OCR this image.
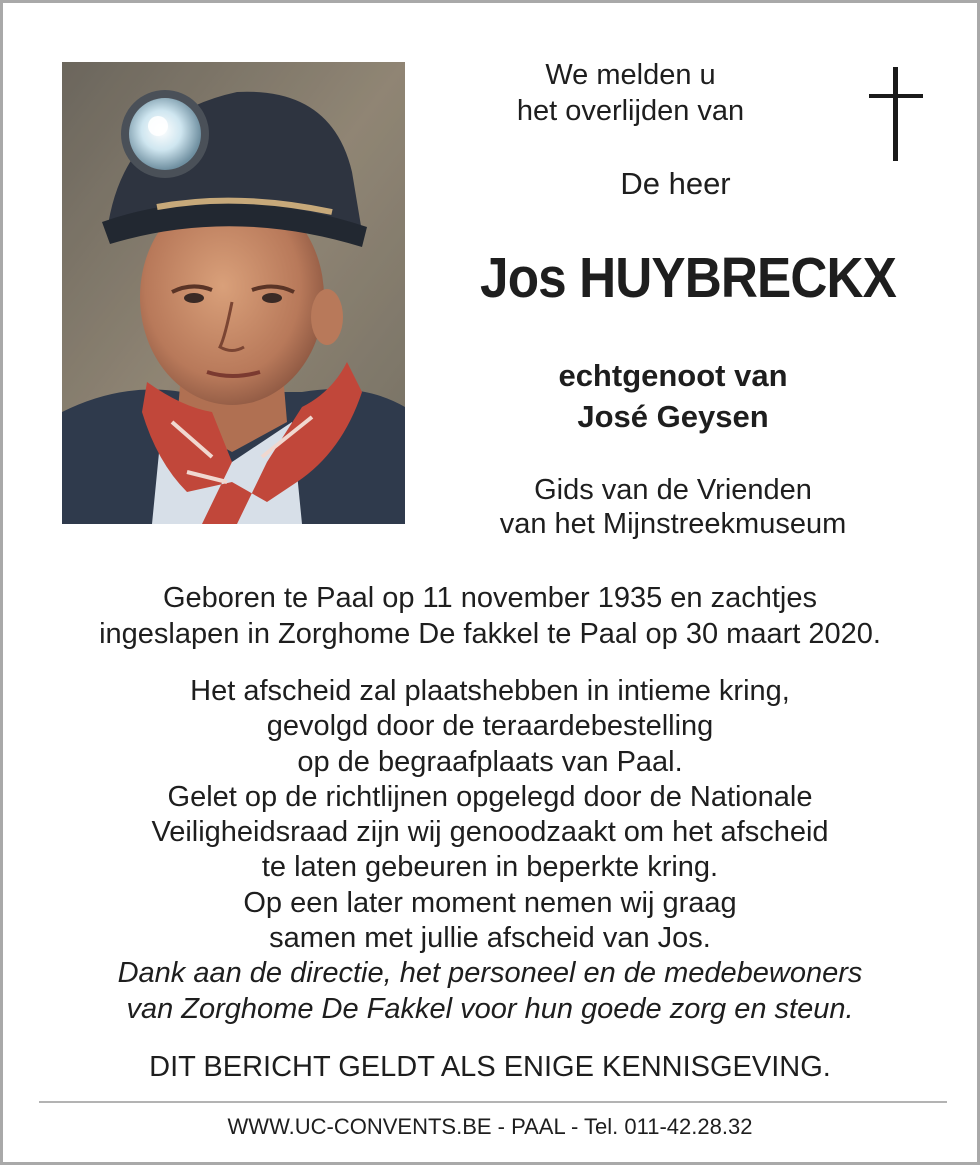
We melden u
het overlijden van
De heer
Jos HUYBRECKX
echtgenoot van
José Geysen
Gids van de Vrienden
van het Mijnstreekmuseum
Geboren te Paal op 11 november 1935 en zachtjes
ingeslapen in Zorghome De fakkel te Paal op 30 maart 2020.
Het afscheid zal plaatshebben in intieme kring,
gevolgd door de teraardebestelling
op de begraafplaats van Paal.
Gelet op de richtlijnen opgelegd door de Nationale
Veiligheidsraad zijn wij genoodzaakt om het afscheid
te laten gebeuren in beperkte kring.
Op een later moment nemen wij graag
samen met jullie afscheid van Jos.
Dank aan de directie, het personeel en de medebewoners
van Zorghome De Fakkel voor hun goede zorg en steun.
DIT BERICHT GELDT ALS ENIGE KENNISGEVING.
WWW.UC-CONVENTS.BE - PAAL - Tel. 011-42.28.32
